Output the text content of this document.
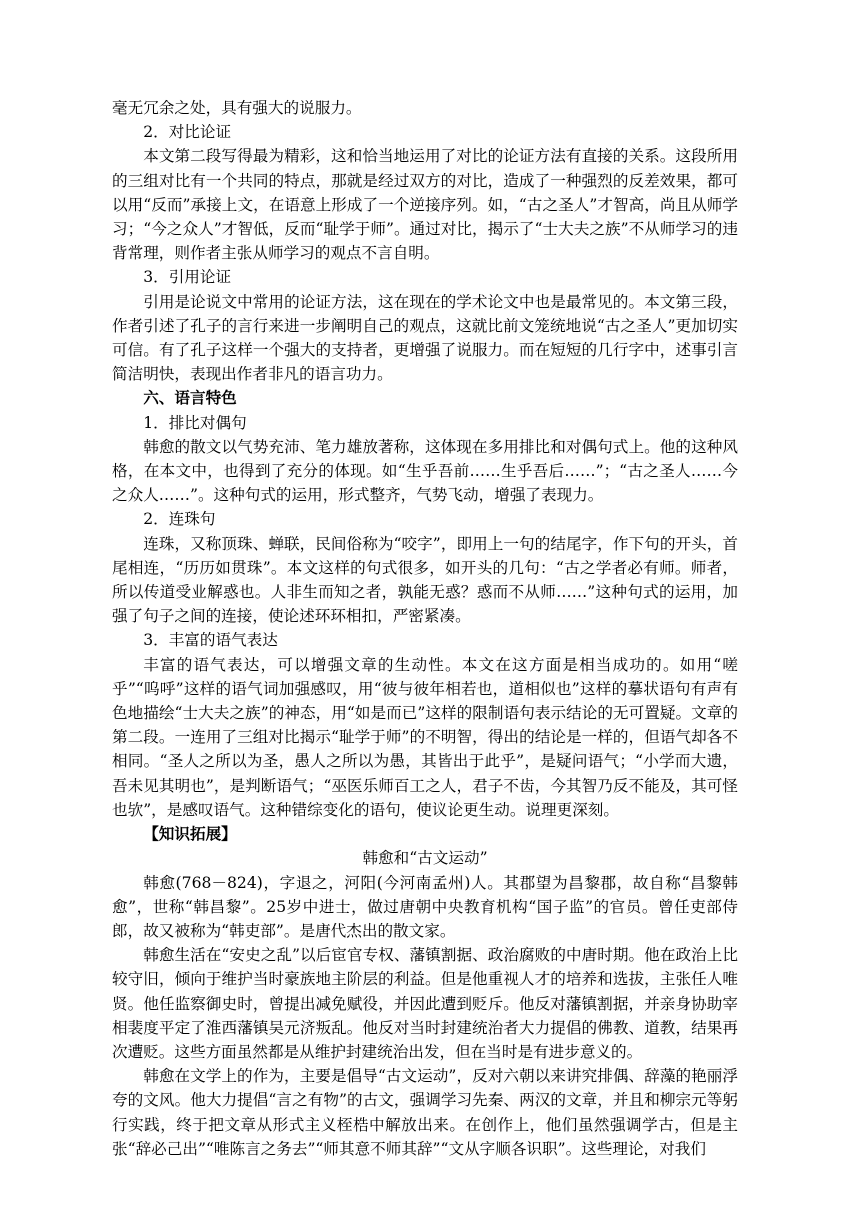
毫无冗余之处，具有强大的说服力。

2．对比论证

本文第二段写得最为精彩，这和恰当地运用了对比的论证方法有直接的关系。这段所用的三组对比有一个共同的特点，那就是经过双方的对比，造成了一种强烈的反差效果，都可以用“反而”承接上文，在语意上形成了一个逆接序列。如，“古之圣人”才智高，尚且从师学习；“今之众人”才智低，反而“耻学于师”。通过对比，揭示了“士大夫之族”不从师学习的违背常理，则作者主张从师学习的观点不言自明。

3．引用论证

引用是论说文中常用的论证方法，这在现在的学术论文中也是最常见的。本文第三段，作者引述了孔子的言行来进一步阐明自己的观点，这就比前文笼统地说“古之圣人”更加切实可信。有了孔子这样一个强大的支持者，更增强了说服力。而在短短的几行字中，述事引言简洁明快，表现出作者非凡的语言功力。

六、语言特色

1．排比对偶句

韩愈的散文以气势充沛、笔力雄放著称，这体现在多用排比和对偶句式上。他的这种风格，在本文中，也得到了充分的体现。如“生乎吾前……生乎吾后……”；“古之圣人……今之众人……”。这种句式的运用，形式整齐，气势飞动，增强了表现力。

2．连珠句

连珠，又称顶珠、蝉联，民间俗称为“咬字”，即用上一句的结尾字，作下句的开头，首尾相连，“历历如贯珠”。本文这样的句式很多，如开头的几句：“古之学者必有师。师者，所以传道受业解惑也。人非生而知之者，孰能无惑？惑而不从师……”这种句式的运用，加强了句子之间的连接，使论述环环相扣，严密紧凑。

3．丰富的语气表达

丰富的语气表达，可以增强文章的生动性。本文在这方面是相当成功的。如用“嗟乎”“呜呼”这样的语气词加强感叹，用“彼与彼年相若也，道相似也”这样的摹状语句有声有色地描绘“士大夫之族”的神态，用“如是而已”这样的限制语句表示结论的无可置疑。文章的第二段。一连用了三组对比揭示“耻学于师”的不明智，得出的结论是一样的，但语气却各不相同。“圣人之所以为圣，愚人之所以为愚，其皆出于此乎”，是疑问语气；“小学而大遗，吾未见其明也”，是判断语气；“巫医乐师百工之人，君子不齿，今其智乃反不能及，其可怪也欤”，是感叹语气。这种错综变化的语句，使议论更生动。说理更深刻。

【知识拓展】

韩愈和“古文运动”

韩愈(768－824)，字退之，河阳(今河南孟州)人。其郡望为昌黎郡，故自称“昌黎韩愈”，世称“韩昌黎”。25岁中进士，做过唐朝中央教育机构“国子监”的官员。曾任吏部侍郎，故又被称为“韩吏部”。是唐代杰出的散文家。

韩愈生活在“安史之乱”以后宦官专权、藩镇割据、政治腐败的中唐时期。他在政治上比较守旧，倾向于维护当时豪族地主阶层的利益。但是他重视人才的培养和选拔，主张任人唯贤。他任监察御史时，曾提出减免赋役，并因此遭到贬斥。他反对藩镇割据，并亲身协助宰相裴度平定了淮西藩镇吴元济叛乱。他反对当时封建统治者大力提倡的佛教、道教，结果再次遭贬。这些方面虽然都是从维护封建统治出发，但在当时是有进步意义的。

韩愈在文学上的作为，主要是倡导“古文运动”，反对六朝以来讲究排偶、辞藻的艳丽浮夸的文风。他大力提倡“言之有物”的古文，强调学习先秦、两汉的文章，并且和柳宗元等躬行实践，终于把文章从形式主义桎梏中解放出来。在创作上，他们虽然强调学古，但是主张“辞必己出”“唯陈言之务去”“师其意不师其辞”“文从字顺各识职”。这些理论，对我们
